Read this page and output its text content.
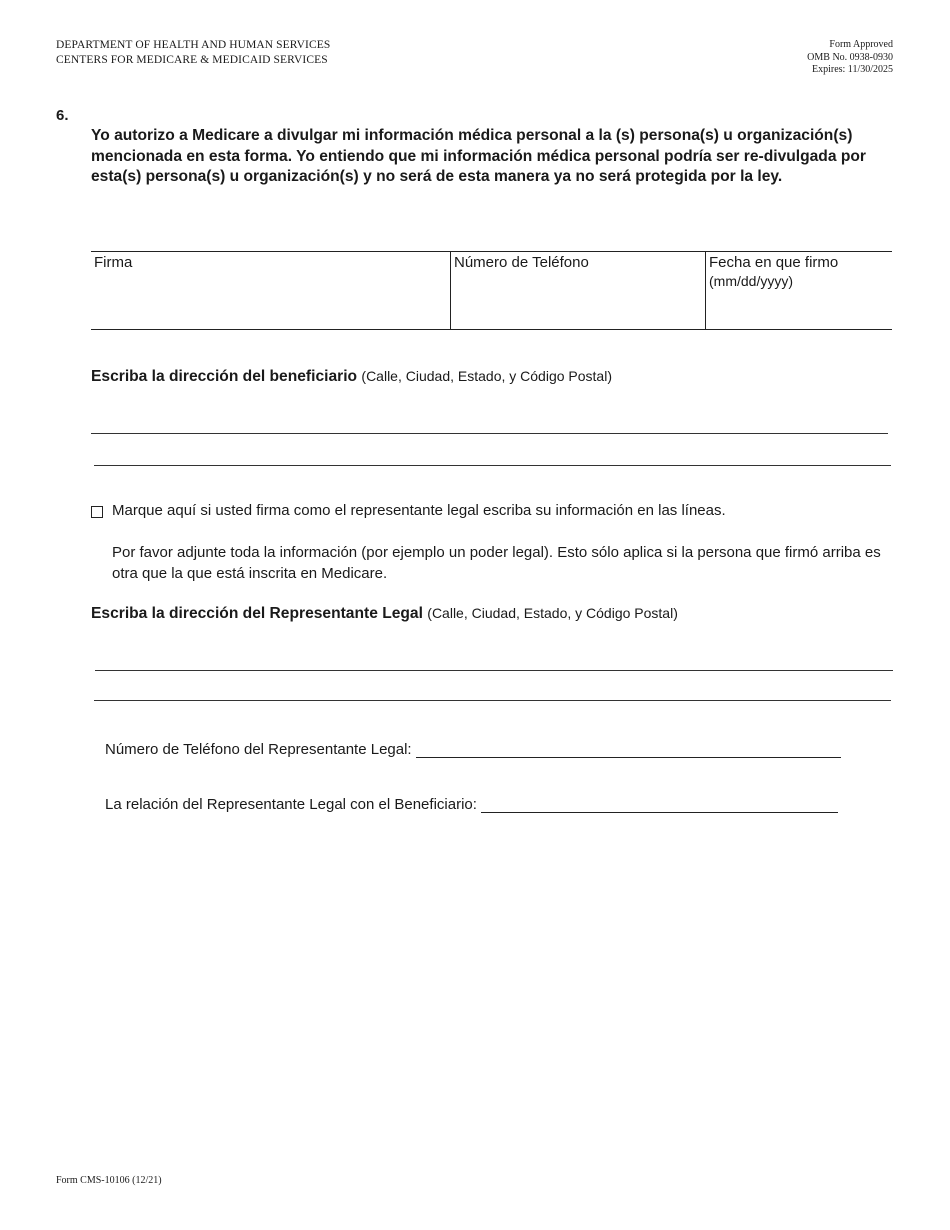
DEPARTMENT OF HEALTH AND HUMAN SERVICES
CENTERS FOR MEDICARE & MEDICAID SERVICES
Form Approved
OMB No. 0938-0930
Expires: 11/30/2025
6.
Yo autorizo a Medicare a divulgar mi información médica personal a la (s) persona(s) u organización(s) mencionada en esta forma. Yo entiendo que mi información médica personal podría ser re-divulgada por esta(s) persona(s) u organización(s) y no será de esta manera ya no será protegida por la ley.
Firma	Número de Teléfono	Fecha en que firmo
(mm/dd/yyyy)
Escriba la dirección del beneficiario (Calle, Ciudad, Estado, y Código Postal)
Marque aquí si usted firma como el representante legal escriba su información en las líneas.
Por favor adjunte toda la información (por ejemplo un poder legal). Esto sólo aplica si la persona que firmó arriba es otra que la que está inscrita en Medicare.
Escriba la dirección del Representante Legal (Calle, Ciudad, Estado, y Código Postal)
Número de Teléfono del Representante Legal:
La relación del Representante Legal con el Beneficiario:
Form CMS-10106 (12/21)
